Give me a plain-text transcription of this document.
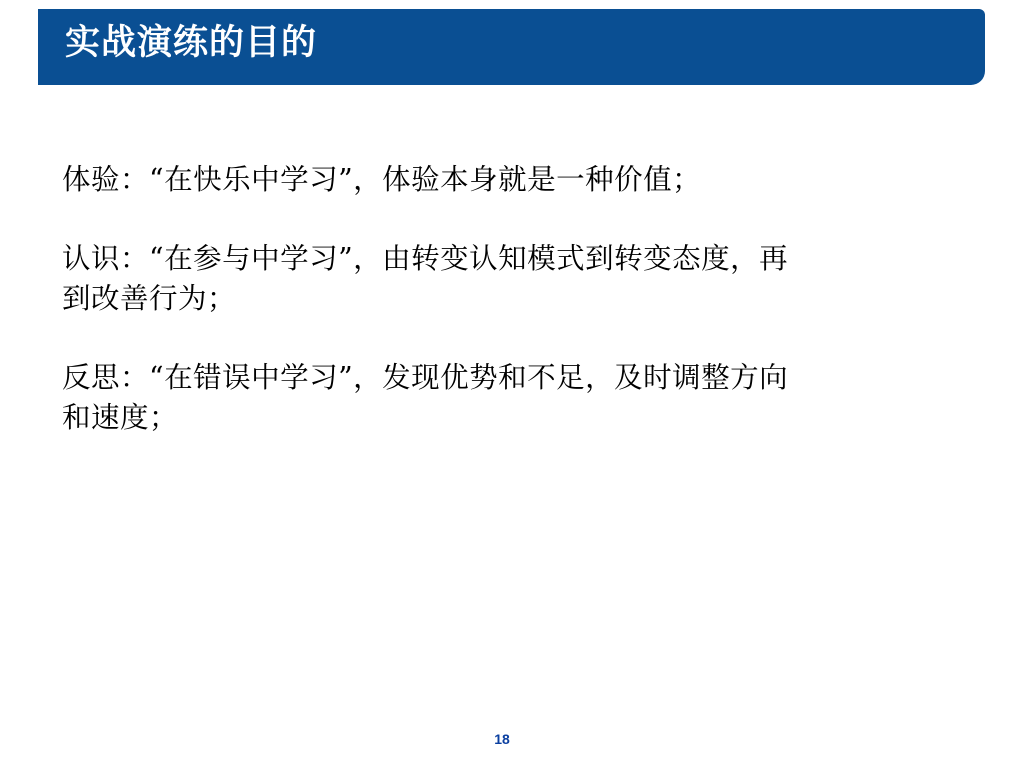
实战演练的目的

体验：“在快乐中学习”，体验本身就是一种价值；

认识：“在参与中学习”，由转变认知模式到转变态度，再
到改善行为；

反思：“在错误中学习”，发现优势和不足，及时调整方向
和速度；

18
